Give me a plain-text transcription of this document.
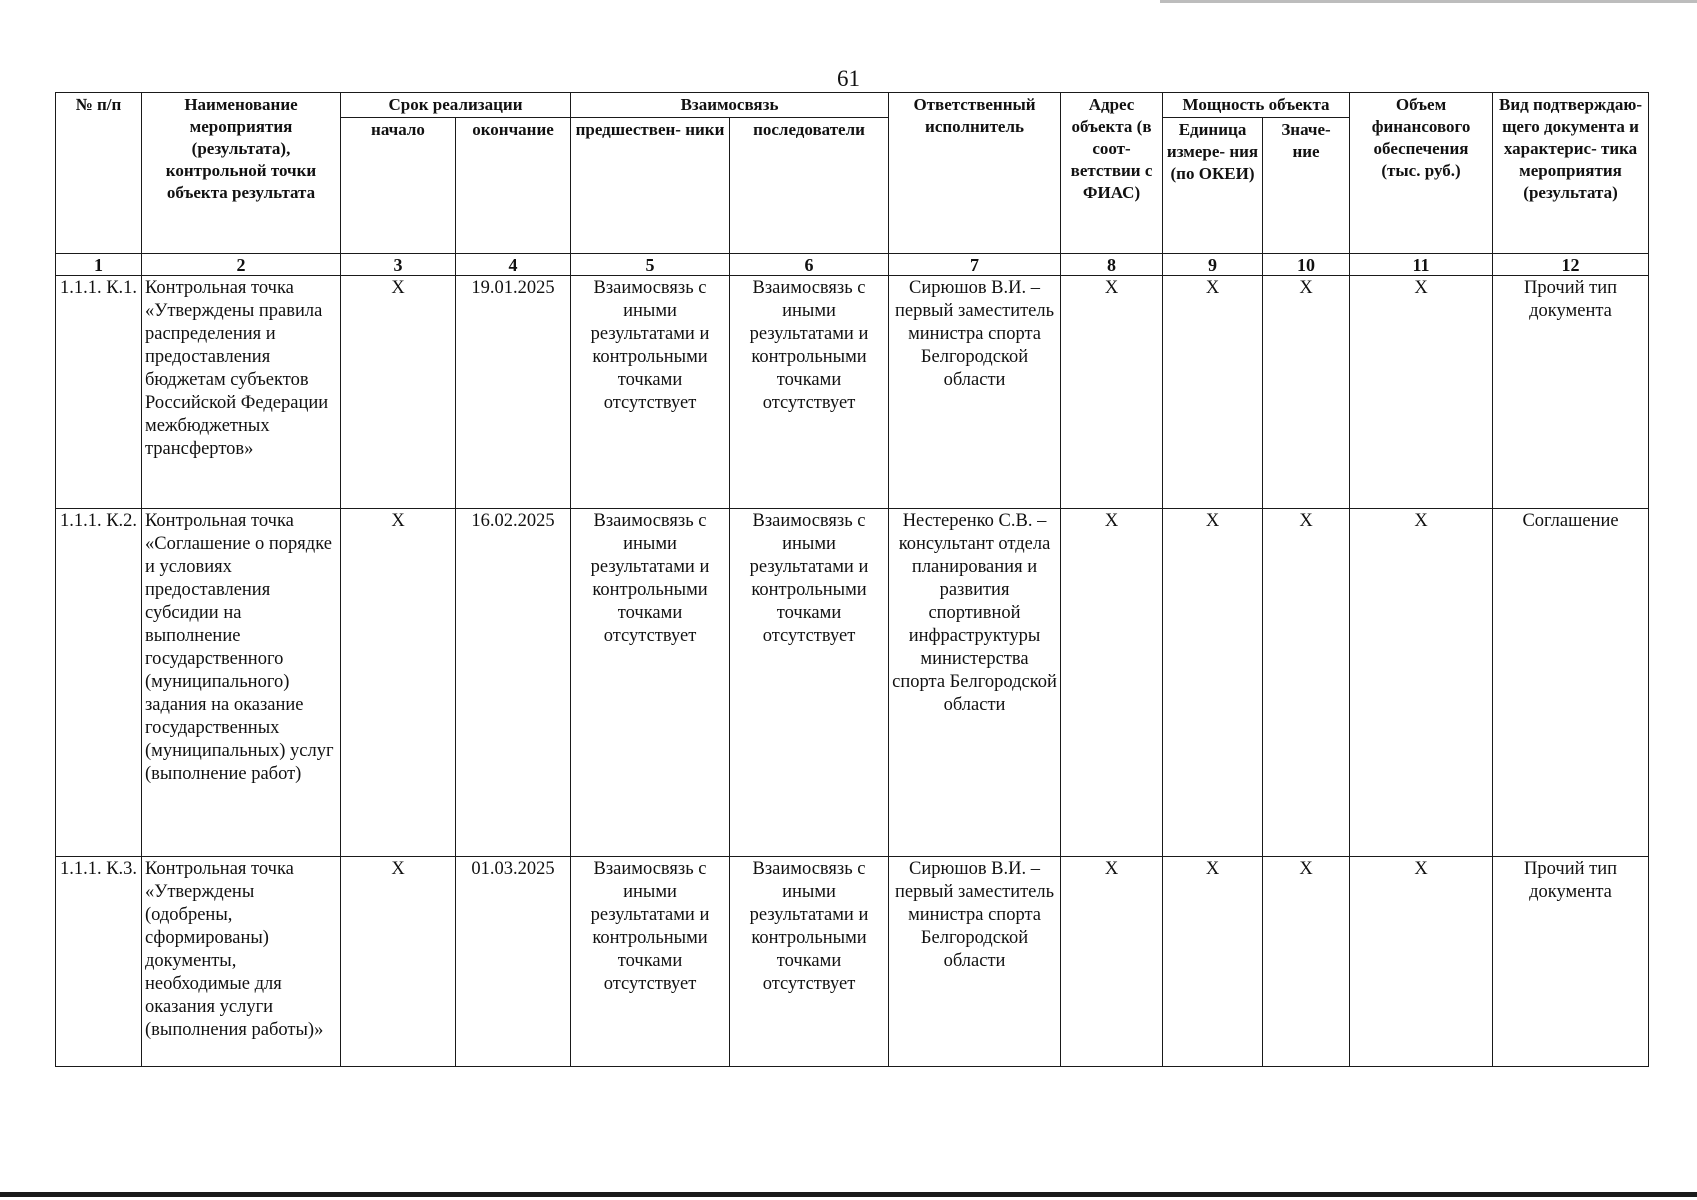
61
№ п/п	Наименование мероприятия (результата), контрольной точки объекта результата	Срок реализации		Взаимосвязь		Ответственный исполнитель	Адрес объекта (в соот- ветствии с ФИАС)	Мощность объекта		Объем финансового обеспечения (тыс. руб.)	Вид подтверждаю- щего документа и характерис- тика мероприятия (результата)
		начало	окончание	предшествен- ники	последователи			Единица измере- ния (по ОКЕИ)	Значе- ние		
1	2	3	4	5	6	7	8	9	10	11	12
1.1.1. К.1.	Контрольная точка «Утверждены правила распределения и предоставления бюджетам субъектов Российской Федерации межбюджетных трансфертов»	X	19.01.2025	Взаимосвязь с иными результатами и контрольными точками отсутствует	Взаимосвязь с иными результатами и контрольными точками отсутствует	Сирюшов В.И. – первый заместитель министра спорта Белгородской области	X	X	X	X	Прочий тип документа
1.1.1. К.2.	Контрольная точка «Соглашение о порядке и условиях предоставления субсидии на выполнение государственного (муниципального) задания на оказание государственных (муниципальных) услуг (выполнение работ)	X	16.02.2025	Взаимосвязь с иными результатами и контрольными точками отсутствует	Взаимосвязь с иными результатами и контрольными точками отсутствует	Нестеренко С.В. – консультант отдела планирования и развития спортивной инфраструктуры министерства спорта Белгородской области	X	X	X	X	Соглашение
1.1.1. К.3.	Контрольная точка «Утверждены (одобрены, сформированы) документы, необходимые для оказания услуги (выполнения работы)»	X	01.03.2025	Взаимосвязь с иными результатами и контрольными точками отсутствует	Взаимосвязь с иными результатами и контрольными точками отсутствует	Сирюшов В.И. – первый заместитель министра спорта Белгородской области	X	X	X	X	Прочий тип документа
